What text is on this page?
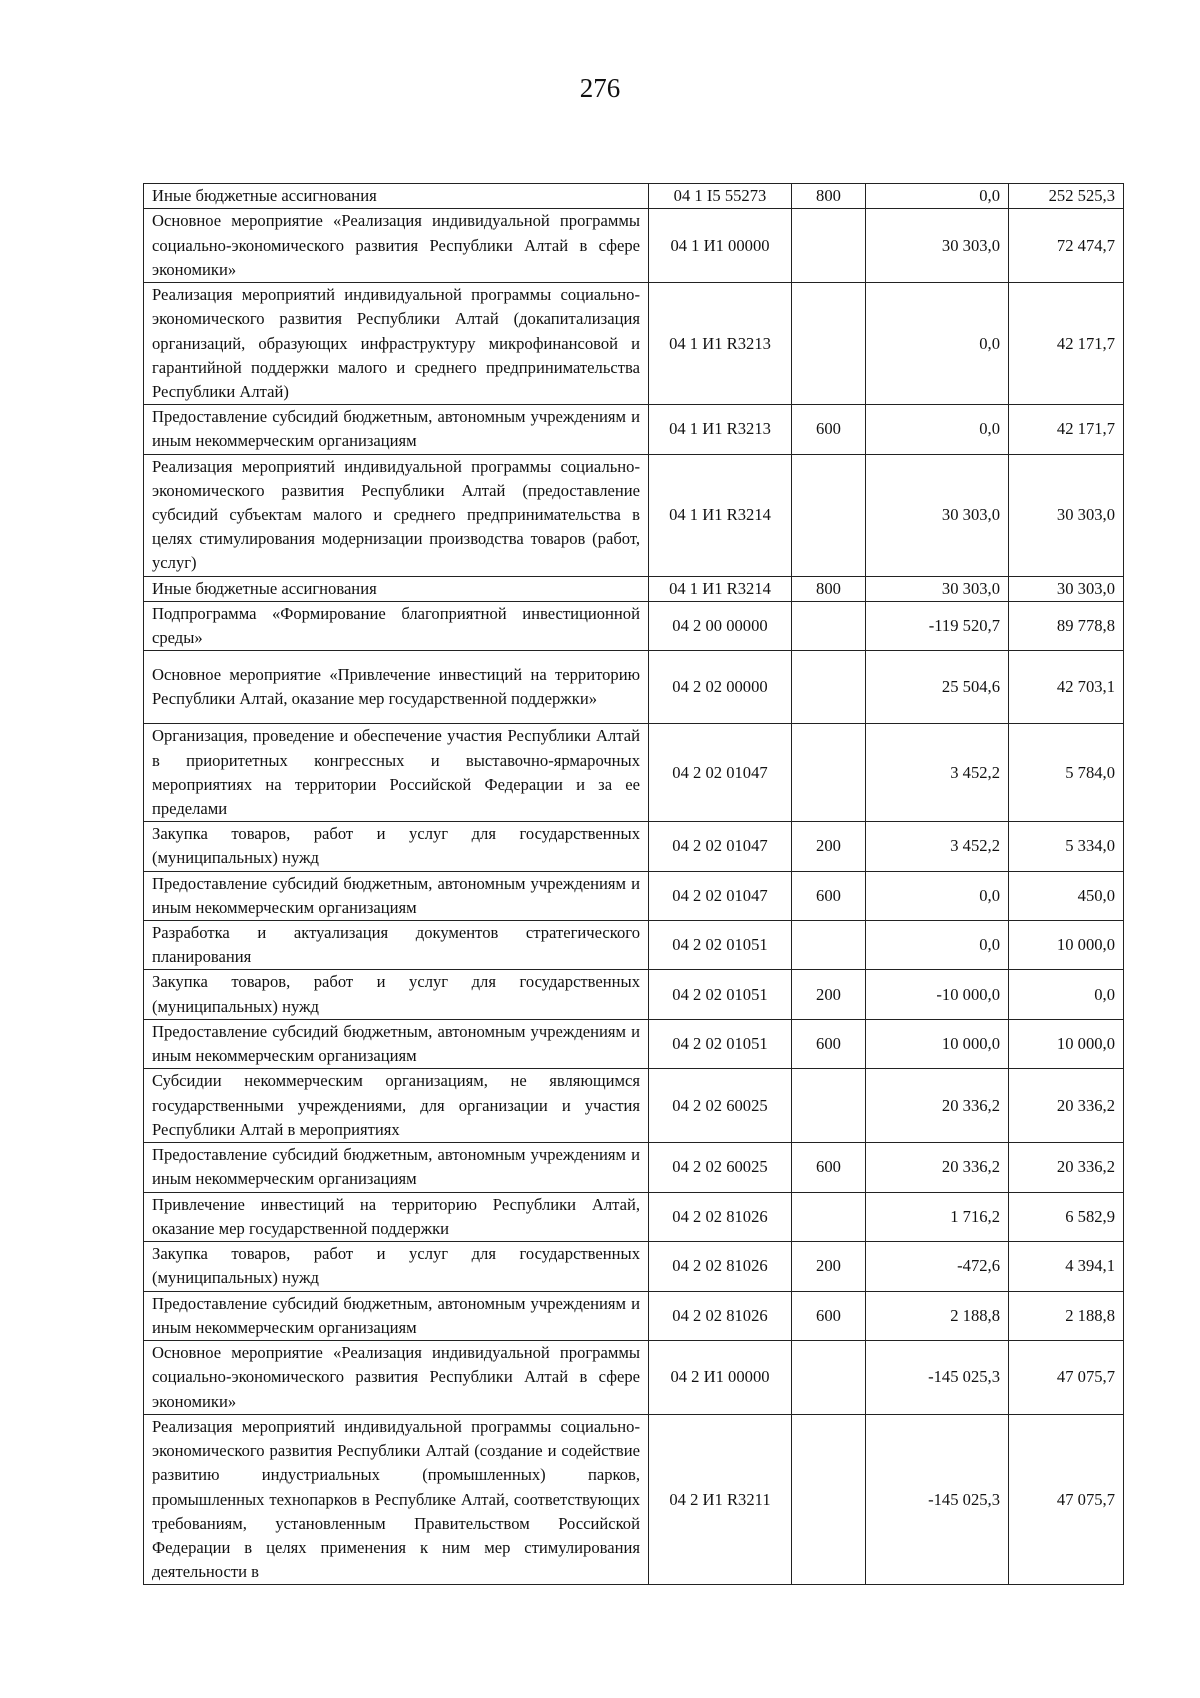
276
Иные бюджетные ассигнования	04 1 I5 55273	800	0,0	252 525,3
Основное мероприятие «Реализация индивидуальной программы социально-экономического развития Республики Алтай в сфере экономики»	04 1 И1 00000		30 303,0	72 474,7
Реализация мероприятий индивидуальной программы социально-экономического развития Республики Алтай (докапитализация организаций, образующих инфраструктуру микрофинансовой и гарантийной поддержки малого и среднего предпринимательства Республики Алтай)	04 1 И1 R3213		0,0	42 171,7
Предоставление субсидий бюджетным, автономным учреждениям и иным некоммерческим организациям	04 1 И1 R3213	600	0,0	42 171,7
Реализация мероприятий индивидуальной программы социально-экономического развития Республики Алтай (предоставление субсидий субъектам малого и среднего предпринимательства в целях стимулирования модернизации производства товаров (работ, услуг)	04 1 И1 R3214		30 303,0	30 303,0
Иные бюджетные ассигнования	04 1 И1 R3214	800	30 303,0	30 303,0
Подпрограмма «Формирование благоприятной инвестиционной среды»	04 2 00 00000		-119 520,7	89 778,8
Основное мероприятие «Привлечение инвестиций на территорию Республики Алтай, оказание мер государственной поддержки»	04 2 02 00000		25 504,6	42 703,1
Организация, проведение и обеспечение участия Республики Алтай в приоритетных конгрессных и выставочно-ярмарочных мероприятиях на территории Российской Федерации и за ее пределами	04 2 02 01047		3 452,2	5 784,0
Закупка товаров, работ и услуг для государственных (муниципальных) нужд	04 2 02 01047	200	3 452,2	5 334,0
Предоставление субсидий бюджетным, автономным учреждениям и иным некоммерческим организациям	04 2 02 01047	600	0,0	450,0
Разработка и актуализация документов стратегического планирования	04 2 02 01051		0,0	10 000,0
Закупка товаров, работ и услуг для государственных (муниципальных) нужд	04 2 02 01051	200	-10 000,0	0,0
Предоставление субсидий бюджетным, автономным учреждениям и иным некоммерческим организациям	04 2 02 01051	600	10 000,0	10 000,0
Субсидии некоммерческим организациям, не являющимся государственными учреждениями, для организации и участия Республики Алтай в мероприятиях	04 2 02 60025		20 336,2	20 336,2
Предоставление субсидий бюджетным, автономным учреждениям и иным некоммерческим организациям	04 2 02 60025	600	20 336,2	20 336,2
Привлечение инвестиций на территорию Республики Алтай, оказание мер государственной поддержки	04 2 02 81026		1 716,2	6 582,9
Закупка товаров, работ и услуг для государственных (муниципальных) нужд	04 2 02 81026	200	-472,6	4 394,1
Предоставление субсидий бюджетным, автономным учреждениям и иным некоммерческим организациям	04 2 02 81026	600	2 188,8	2 188,8
Основное мероприятие «Реализация индивидуальной программы социально-экономического развития Республики Алтай в сфере экономики»	04 2 И1 00000		-145 025,3	47 075,7
Реализация мероприятий индивидуальной программы социально-экономического развития Республики Алтай (создание и содействие развитию индустриальных (промышленных) парков, промышленных технопарков в Республике Алтай, соответствующих требованиям, установленным Правительством Российской Федерации в целях применения к ним мер стимулирования деятельности в	04 2 И1 R3211		-145 025,3	47 075,7
